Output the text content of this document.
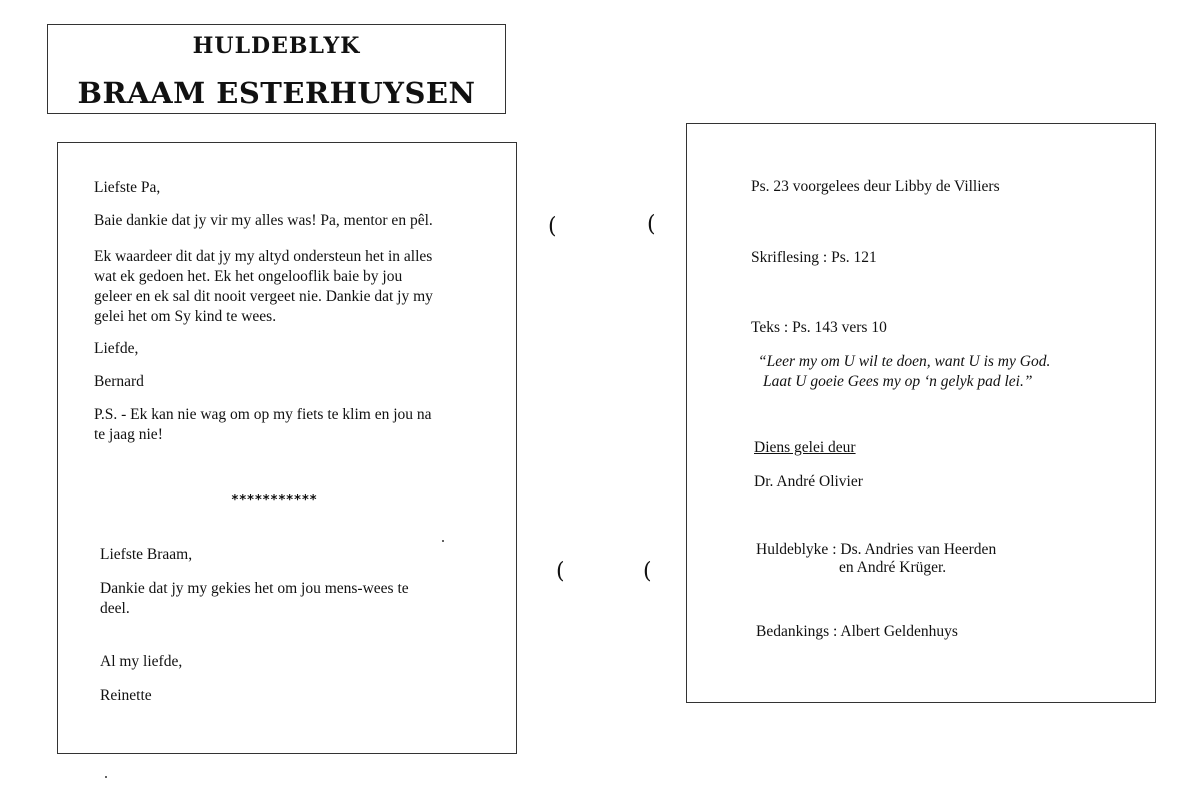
HULDEBLYK
BRAAM ESTERHUYSEN
Liefste Pa,
Baie dankie dat jy vir my alles was! Pa, mentor en pêl.
Ek waardeer dit dat jy my altyd ondersteun het in alles
wat ek gedoen het. Ek het ongelooflik baie by jou
geleer en ek sal dit nooit vergeet nie. Dankie dat jy my
gelei het om Sy kind te wees.
Liefde,
Bernard
P.S. - Ek kan nie wag om op my fiets te klim en jou na
te jaag nie!
***********
Liefste Braam,
Dankie dat jy my gekies het om jou mens-wees te
deel.
Al my liefde,
Reinette
Ps. 23 voorgelees deur Libby de Villiers
Skriflesing : Ps. 121
Teks : Ps. 143 vers 10
“Leer my om U wil te doen, want U is my God.
Laat U goeie Gees my op ‘n gelyk pad lei.”
Diens gelei deur
Dr. André Olivier
Huldeblyke : Ds. Andries van Heerden
en André Krüger.
Bedankings : Albert Geldenhuys
(	(
(	(
